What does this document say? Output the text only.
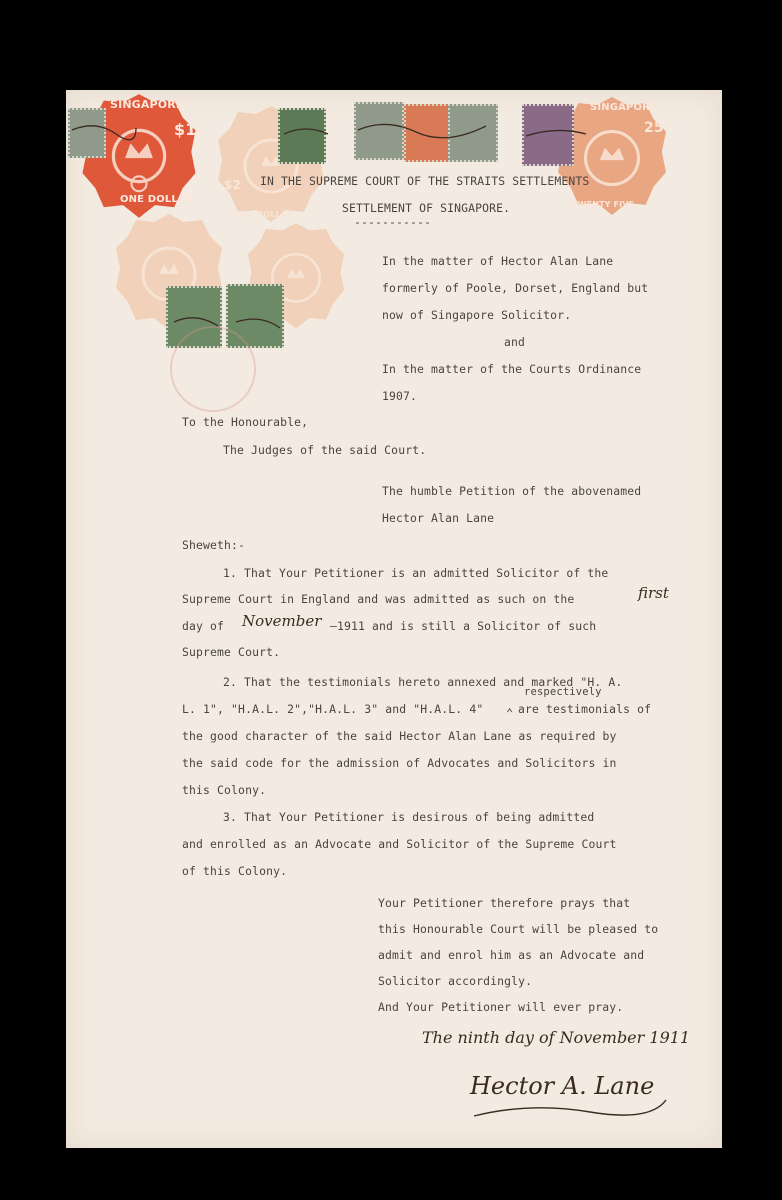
SINGAPORE
$1.
ONE DOLLAR
SINGAPORE
25
TWENTY FIVE
$2
TWO DOLLARS
IN THE SUPREME COURT OF THE STRAITS SETTLEMENTS
SETTLEMENT OF SINGAPORE.
-----------
In the matter of Hector Alan Lane
formerly of Poole, Dorset, England but
now of Singapore Solicitor.
and
In the matter of the Courts Ordinance
1907.
To the Honourable,
The Judges of the said Court.
The humble Petition of the abovenamed
Hector Alan Lane
Sheweth:-
1. That Your Petitioner is an admitted Solicitor of the
Supreme Court in England and was admitted as such on the	first
day of November —1911 and is still a Solicitor of such
Supreme Court.
2. That the testimonials hereto annexed and marked "H. A.
respectively
L. 1", "H.A.L. 2","H.A.L. 3" and "H.A.L. 4" ⌃ are testimonials of
the good character of the said Hector Alan Lane as required by
the said code for the admission of Advocates and Solicitors in
this Colony.
3. That Your Petitioner is desirous of being admitted
and enrolled as an Advocate and Solicitor of the Supreme Court
of this Colony.
Your Petitioner therefore prays that
this Honourable Court will be pleased to
admit and enrol him as an Advocate and
Solicitor accordingly.
And Your Petitioner will ever pray.
The ninth day of November 1911
Hector A. Lane
